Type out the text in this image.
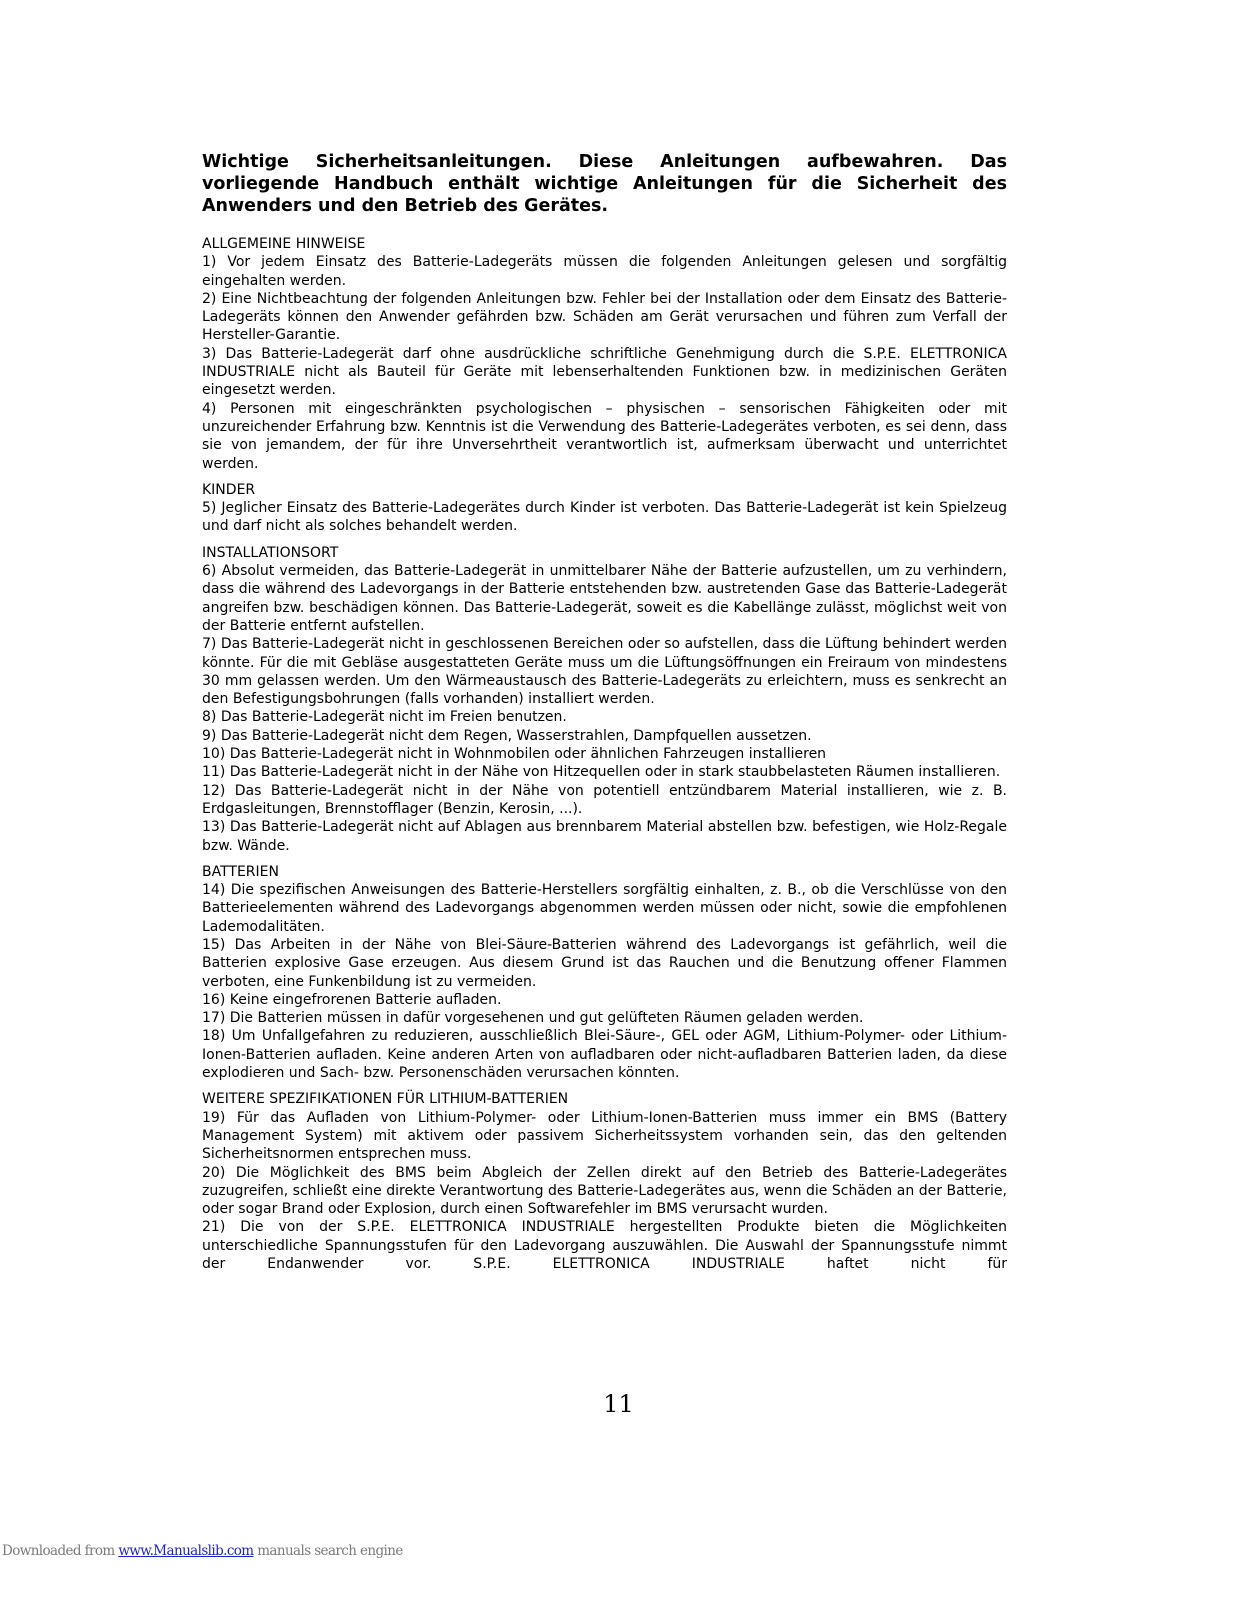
Wichtige Sicherheitsanleitungen. Diese Anleitungen aufbewahren. Das vorliegende Handbuch enthält wichtige Anleitungen für die Sicherheit des Anwenders und den Betrieb des Gerätes.

ALLGEMEINE HINWEISE

1) Vor jedem Einsatz des Batterie-Ladegeräts müssen die folgenden Anleitungen gelesen und sorgfältig eingehalten werden.

2) Eine Nichtbeachtung der folgenden Anleitungen bzw. Fehler bei der Installation oder dem Einsatz des Batterie-Ladegeräts können den Anwender gefährden bzw. Schäden am Gerät verursachen und führen zum Verfall der Hersteller-Garantie.

3) Das Batterie-Ladegerät darf ohne ausdrückliche schriftliche Genehmigung durch die S.P.E. ELETTRONICA INDUSTRIALE nicht als Bauteil für Geräte mit lebenserhaltenden Funktionen bzw. in medizinischen Geräten eingesetzt werden.

4) Personen mit eingeschränkten psychologischen – physischen – sensorischen Fähigkeiten oder mit unzureichender Erfahrung bzw. Kenntnis ist die Verwendung des Batterie-Ladegerätes verboten, es sei denn, dass sie von jemandem, der für ihre Unversehrtheit verantwortlich ist, aufmerksam überwacht und unterrichtet werden.

KINDER

5) Jeglicher Einsatz des Batterie-Ladegerätes durch Kinder ist verboten. Das Batterie-Ladegerät ist kein Spielzeug und darf nicht als solches behandelt werden.

INSTALLATIONSORT

6) Absolut vermeiden, das Batterie-Ladegerät in unmittelbarer Nähe der Batterie aufzustellen, um zu verhindern, dass die während des Ladevorgangs in der Batterie entstehenden bzw. austretenden Gase das Batterie-Ladegerät angreifen bzw. beschädigen können. Das Batterie-Ladegerät, soweit es die Kabellänge zulässt, möglichst weit von der Batterie entfernt aufstellen.

7) Das Batterie-Ladegerät nicht in geschlossenen Bereichen oder so aufstellen, dass die Lüftung behindert werden könnte. Für die mit Gebläse ausgestatteten Geräte muss um die Lüftungsöffnungen ein Freiraum von mindestens 30 mm gelassen werden. Um den Wärmeaustausch des Batterie-Ladegeräts zu erleichtern, muss es senkrecht an den Befestigungsbohrungen (falls vorhanden) installiert werden.

8) Das Batterie-Ladegerät nicht im Freien benutzen.

9) Das Batterie-Ladegerät nicht dem Regen, Wasserstrahlen, Dampfquellen aussetzen.

10) Das Batterie-Ladegerät nicht in Wohnmobilen oder ähnlichen Fahrzeugen installieren

11) Das Batterie-Ladegerät nicht in der Nähe von Hitzequellen oder in stark staubbelasteten Räumen installieren.

12) Das Batterie-Ladegerät nicht in der Nähe von potentiell entzündbarem Material installieren, wie z. B. Erdgasleitungen, Brennstofflager (Benzin, Kerosin, ...).

13) Das Batterie-Ladegerät nicht auf Ablagen aus brennbarem Material abstellen bzw. befestigen, wie Holz-Regale bzw. Wände.

BATTERIEN

14) Die spezifischen Anweisungen des Batterie-Herstellers sorgfältig einhalten, z. B., ob die Verschlüsse von den Batterieelementen während des Ladevorgangs abgenommen werden müssen oder nicht, sowie die empfohlenen Lademodalitäten.

15) Das Arbeiten in der Nähe von Blei-Säure-Batterien während des Ladevorgangs ist gefährlich, weil die Batterien explosive Gase erzeugen. Aus diesem Grund ist das Rauchen und die Benutzung offener Flammen verboten, eine Funkenbildung ist zu vermeiden.

16) Keine eingefrorenen Batterie aufladen.

17) Die Batterien müssen in dafür vorgesehenen und gut gelüfteten Räumen geladen werden.

18) Um Unfallgefahren zu reduzieren, ausschließlich Blei-Säure-, GEL oder AGM, Lithium-Polymer- oder Lithium-Ionen-Batterien aufladen. Keine anderen Arten von aufladbaren oder nicht-aufladbaren Batterien laden, da diese explodieren und Sach- bzw. Personenschäden verursachen könnten.

WEITERE SPEZIFIKATIONEN FÜR LITHIUM-BATTERIEN

19) Für das Aufladen von Lithium-Polymer- oder Lithium-Ionen-Batterien muss immer ein BMS (Battery Management System) mit aktivem oder passivem Sicherheitssystem vorhanden sein, das den geltenden Sicherheitsnormen entsprechen muss.

20) Die Möglichkeit des BMS beim Abgleich der Zellen direkt auf den Betrieb des Batterie-Ladegerätes zuzugreifen, schließt eine direkte Verantwortung des Batterie-Ladegerätes aus, wenn die Schäden an der Batterie, oder sogar Brand oder Explosion, durch einen Softwarefehler im BMS verursacht wurden.

21) Die von der S.P.E. ELETTRONICA INDUSTRIALE hergestellten Produkte bieten die Möglichkeiten unterschiedliche Spannungsstufen für den Ladevorgang auszuwählen. Die Auswahl der Spannungsstufe nimmt der Endanwender vor. S.P.E. ELETTRONICA INDUSTRIALE haftet nicht für

11
Downloaded from www.Manualslib.com manuals search engine
